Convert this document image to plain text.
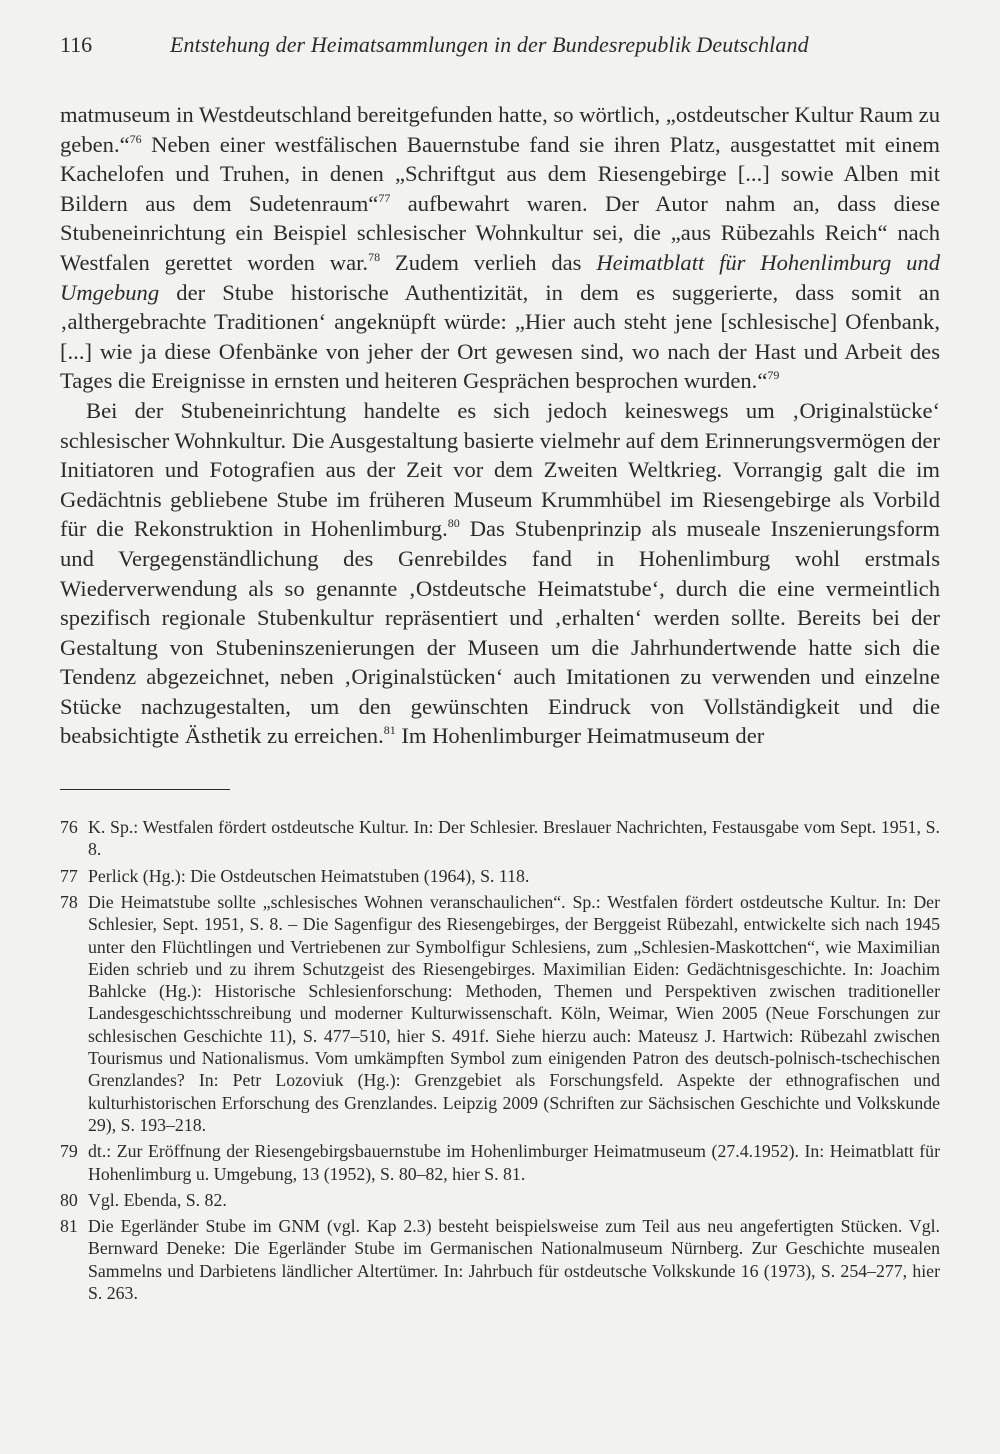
116	Entstehung der Heimatsammlungen in der Bundesrepublik Deutschland

matmuseum in Westdeutschland bereitgefunden hatte, so wörtlich, „ostdeutscher Kultur Raum zu geben.“$^{76}$ Neben einer westfälischen Bauernstube fand sie ihren Platz, ausgestattet mit einem Kachelofen und Truhen, in denen „Schriftgut aus dem Riesengebirge [...] sowie Alben mit Bildern aus dem Sudetenraum“$^{77}$ aufbewahrt waren. Der Autor nahm an, dass diese Stubeneinrichtung ein Beispiel schlesischer Wohnkultur sei, die „aus Rübezahls Reich“ nach Westfalen gerettet worden war.$^{78}$ Zudem verlieh das Heimatblatt für Hohenlimburg und Umgebung der Stube historische Authentizität, in dem es suggerierte, dass somit an ‚althergebrachte Traditionen‘ angeknüpft würde: „Hier auch steht jene [schlesische] Ofenbank, [...] wie ja diese Ofenbänke von jeher der Ort gewesen sind, wo nach der Hast und Arbeit des Tages die Ereignisse in ernsten und heiteren Gesprächen besprochen wurden.“$^{79}$

Bei der Stubeneinrichtung handelte es sich jedoch keineswegs um ‚Originalstücke‘ schlesischer Wohnkultur. Die Ausgestaltung basierte vielmehr auf dem Erinnerungsvermögen der Initiatoren und Fotografien aus der Zeit vor dem Zweiten Weltkrieg. Vorrangig galt die im Gedächtnis gebliebene Stube im früheren Museum Krummhübel im Riesengebirge als Vorbild für die Rekonstruktion in Hohenlimburg.$^{80}$ Das Stubenprinzip als museale Inszenierungsform und Vergegenständlichung des Genrebildes fand in Hohenlimburg wohl erstmals Wiederverwendung als so genannte ‚Ostdeutsche Heimatstube‘, durch die eine vermeintlich spezifisch regionale Stubenkultur repräsentiert und ‚erhalten‘ werden sollte. Bereits bei der Gestaltung von Stubeninszenierungen der Museen um die Jahrhundertwende hatte sich die Tendenz abgezeichnet, neben ‚Originalstücken‘ auch Imitationen zu verwenden und einzelne Stücke nachzugestalten, um den gewünschten Eindruck von Vollständigkeit und die beabsichtigte Ästhetik zu erreichen.$^{81}$ Im Hohenlimburger Heimatmuseum der

76 K. Sp.: Westfalen fördert ostdeutsche Kultur. In: Der Schlesier. Breslauer Nachrichten, Festausgabe vom Sept. 1951, S. 8.
77 Perlick (Hg.): Die Ostdeutschen Heimatstuben (1964), S. 118.
78 Die Heimatstube sollte „schlesisches Wohnen veranschaulichen“. Sp.: Westfalen fördert ostdeutsche Kultur. In: Der Schlesier, Sept. 1951, S. 8. – Die Sagenfigur des Riesengebirges, der Berggeist Rübezahl, entwickelte sich nach 1945 unter den Flüchtlingen und Vertriebenen zur Symbolfigur Schlesiens, zum „Schlesien-Maskottchen“, wie Maximilian Eiden schrieb und zu ihrem Schutzgeist des Riesengebirges. Maximilian Eiden: Gedächtnisgeschichte. In: Joachim Bahlcke (Hg.): Historische Schlesienforschung: Methoden, Themen und Perspektiven zwischen traditioneller Landesgeschichtsschreibung und moderner Kulturwissenschaft. Köln, Weimar, Wien 2005 (Neue Forschungen zur schlesischen Geschichte 11), S. 477–510, hier S. 491f. Siehe hierzu auch: Mateusz J. Hartwich: Rübezahl zwischen Tourismus und Nationalismus. Vom umkämpften Symbol zum einigenden Patron des deutsch-polnisch-tschechischen Grenzlandes? In: Petr Lozoviuk (Hg.): Grenzgebiet als Forschungsfeld. Aspekte der ethnografischen und kulturhistorischen Erforschung des Grenzlandes. Leipzig 2009 (Schriften zur Sächsischen Geschichte und Volkskunde 29), S. 193–218.
79 dt.: Zur Eröffnung der Riesengebirgsbauernstube im Hohenlimburger Heimatmuseum (27.4.1952). In: Heimatblatt für Hohenlimburg u. Umgebung, 13 (1952), S. 80–82, hier S. 81.
80 Vgl. Ebenda, S. 82.
81 Die Egerländer Stube im GNM (vgl. Kap 2.3) besteht beispielsweise zum Teil aus neu angefertigten Stücken. Vgl. Bernward Deneke: Die Egerländer Stube im Germanischen Nationalmuseum Nürnberg. Zur Geschichte musealen Sammelns und Darbietens ländlicher Altertümer. In: Jahrbuch für ostdeutsche Volkskunde 16 (1973), S. 254–277, hier S. 263.
